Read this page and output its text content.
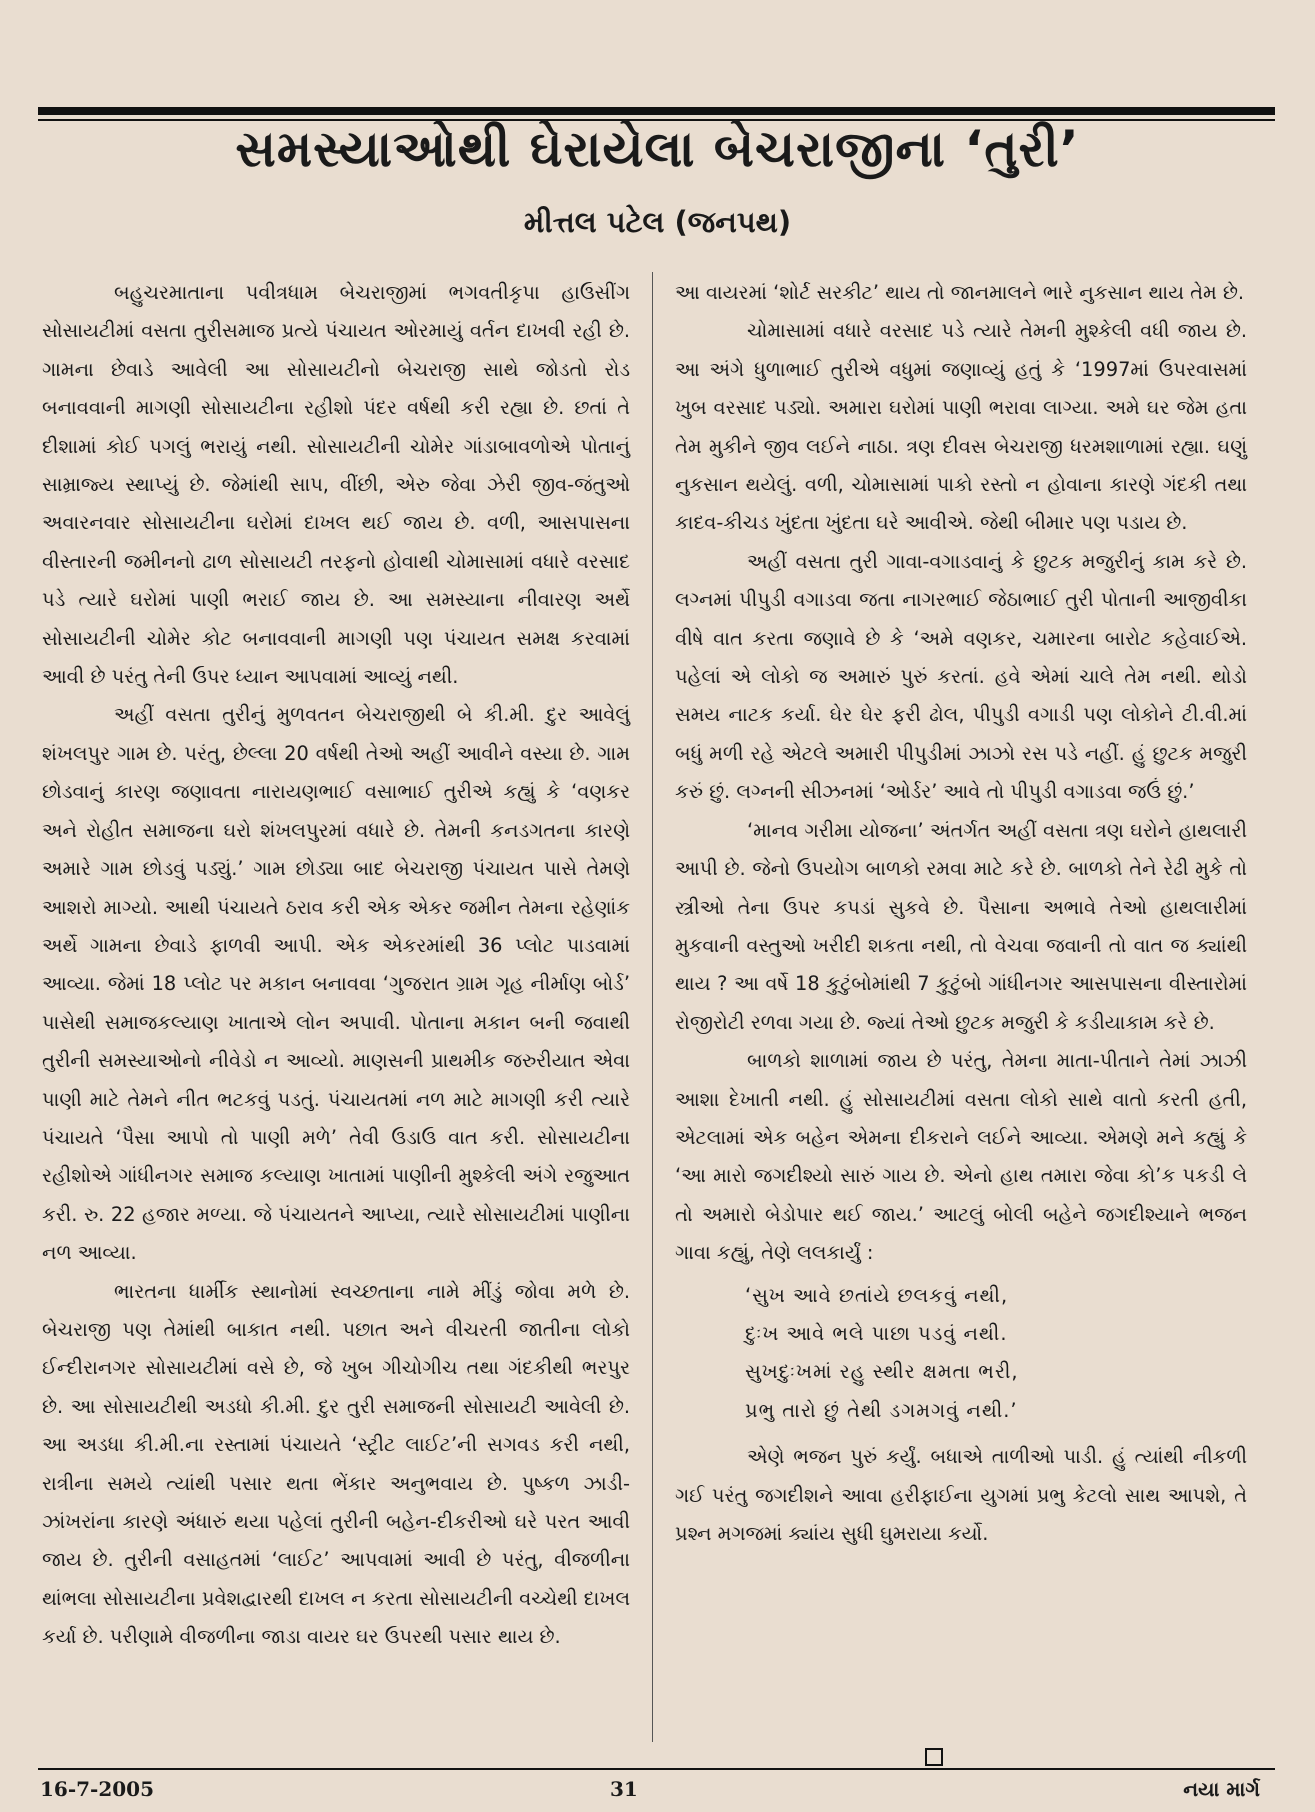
સમસ્યાઓથી ઘેરાયેલા બેચરાજીના ‘તુરી’
મીત્તલ પટેલ (જનપથ)

બહુચરમાતાના પવીત્રધામ બેચરાજીમાં ભગવતીકૃપા હાઉસીંગ સોસાયટીમાં વસતા તુરીસમાજ પ્રત્યે પંચાયત ઓરમાયું વર્તન દાખવી રહી છે. ગામના છેવાડે આવેલી આ સોસાયટીનો બેચરાજી સાથે જોડતો રોડ બનાવવાની માગણી સોસાયટીના રહીશો પંદર વર્ષથી કરી રહ્યા છે. છતાં તે દીશામાં કોઈ પગલું ભરાયું નથી. સોસાયટીની ચોમેર ગાંડાબાવળોએ પોતાનું સામ્રાજ્ય સ્થાપ્યું છે. જેમાંથી સાપ, વીંછી, એરુ જેવા ઝેરી જીવ-જંતુઓ અવારનવાર સોસાયટીના ઘરોમાં દાખલ થઈ જાય છે. વળી, આસપાસના વીસ્તારની જમીનનો ઢાળ સોસાયટી તરફનો હોવાથી ચોમાસામાં વધારે વરસાદ પડે ત્યારે ઘરોમાં પાણી ભરાઈ જાય છે. આ સમસ્યાના નીવારણ અર્થે સોસાયટીની ચોમેર કોટ બનાવવાની માગણી પણ પંચાયત સમક્ષ કરવામાં આવી છે પરંતુ તેની ઉપર ધ્યાન આપવામાં આવ્યું નથી.

અહીં વસતા તુરીનું મુળવતન બેચરાજીથી બે કી.મી. દુર આવેલું શંખલપુર ગામ છે. પરંતુ, છેલ્લા 20 વર્ષથી તેઓ અહીં આવીને વસ્યા છે. ગામ છોડવાનું કારણ જણાવતા નારાયણભાઈ વસાભાઈ તુરીએ કહ્યું કે ‘વણકર અને રોહીત સમાજના ઘરો શંખલપુરમાં વધારે છે. તેમની કનડગતના કારણે અમારે ગામ છોડવું પડ્યું.’ ગામ છોડ્યા બાદ બેચરાજી પંચાયત પાસે તેમણે આશરો માગ્યો. આથી પંચાયતે ઠરાવ કરી એક એકર જમીન તેમના રહેણાંક અર્થે ગામના છેવાડે ફાળવી આપી. એક એકરમાંથી 36 પ્લોટ પાડવામાં આવ્યા. જેમાં 18 પ્લોટ પર મકાન બનાવવા ‘ગુજરાત ગ્રામ ગૃહ નીર્માણ બોર્ડ’ પાસેથી સમાજકલ્યાણ ખાતાએ લોન અપાવી. પોતાના મકાન બની જવાથી તુરીની સમસ્યાઓનો નીવેડો ન આવ્યો. માણસની પ્રાથમીક જરુરીયાત એવા પાણી માટે તેમને નીત ભટકવું પડતું. પંચાયતમાં નળ માટે માગણી કરી ત્યારે પંચાયતે ‘પૈસા આપો તો પાણી મળે’ તેવી ઉડાઉ વાત કરી. સોસાયટીના રહીશોએ ગાંધીનગર સમાજ કલ્યાણ ખાતામાં પાણીની મુશ્કેલી અંગે રજુઆત કરી. રુ. 22 હજાર મળ્યા. જે પંચાયતને આપ્યા, ત્યારે સોસાયટીમાં પાણીના નળ આવ્યા.

ભારતના ધાર્મીક સ્થાનોમાં સ્વચ્છતાના નામે મીંડું જોવા મળે છે. બેચરાજી પણ તેમાંથી બાકાત નથી. પછાત અને વીચરતી જાતીના લોકો ઈન્દીરાનગર સોસાયટીમાં વસે છે, જે ખુબ ગીચોગીચ તથા ગંદકીથી ભરપુર છે. આ સોસાયટીથી અડધો કી.મી. દુર તુરી સમાજની સોસાયટી આવેલી છે. આ અડધા કી.મી.ના રસ્તામાં પંચાયતે ‘સ્ટ્રીટ લાઈટ’ની સગવડ કરી નથી, રાત્રીના સમયે ત્યાંથી પસાર થતા ભેંકાર અનુભવાય છે. પુષ્કળ ઝાડી-ઝાંખરાંના કારણે અંધારું થયા પહેલાં તુરીની બહેન-દીકરીઓ ઘરે પરત આવી જાય છે. તુરીની વસાહતમાં ‘લાઈટ’ આપવામાં આવી છે પરંતુ, વીજળીના થાંભલા સોસાયટીના પ્રવેશદ્વારથી દાખલ ન કરતા સોસાયટીની વચ્ચેથી દાખલ કર્યા છે. પરીણામે વીજળીના જાડા વાયર ઘર ઉપરથી પસાર થાય છે.

આ વાયરમાં ‘શોર્ટ સરકીટ’ થાય તો જાનમાલને ભારે નુકસાન થાય તેમ છે.

ચોમાસામાં વધારે વરસાદ પડે ત્યારે તેમની મુશ્કેલી વધી જાય છે. આ અંગે ધુળાભાઈ તુરીએ વધુમાં જણાવ્યું હતું કે ‘1997માં ઉપરવાસમાં ખુબ વરસાદ પડ્યો. અમારા ઘરોમાં પાણી ભરાવા લાગ્યા. અમે ઘર જેમ હતા તેમ મુકીને જીવ લઈને નાઠા. ત્રણ દીવસ બેચરાજી ધરમશાળામાં રહ્યા. ઘણું નુકસાન થયેલું. વળી, ચોમાસામાં પાકો રસ્તો ન હોવાના કારણે ગંદકી તથા કાદવ-કીચડ ખુંદતા ખુંદતા ઘરે આવીએ. જેથી બીમાર પણ પડાય છે.

અહીં વસતા તુરી ગાવા-વગાડવાનું કે છુટક મજુરીનું કામ કરે છે. લગ્નમાં પીપુડી વગાડવા જતા નાગરભાઈ જેઠાભાઈ તુરી પોતાની આજીવીકા વીષે વાત કરતા જણાવે છે કે ‘અમે વણકર, ચમારના બારોટ કહેવાઈએ. પહેલાં એ લોકો જ અમારું પુરું કરતાં. હવે એમાં ચાલે તેમ નથી. થોડો સમય નાટક કર્યા. ઘેર ઘેર ફરી ઢોલ, પીપુડી વગાડી પણ લોકોને ટી.વી.માં બધું મળી રહે એટલે અમારી પીપુડીમાં ઝાઝો રસ પડે નહીં. હું છુટક મજુરી કરું છું. લગ્નની સીઝનમાં ‘ઓર્ડર’ આવે તો પીપુડી વગાડવા જઉં છું.’

‘માનવ ગરીમા યોજના’ અંતર્ગત અહીં વસતા ત્રણ ઘરોને હાથલારી આપી છે. જેનો ઉપયોગ બાળકો રમવા માટે કરે છે. બાળકો તેને રેઢી મુકે તો સ્ત્રીઓ તેના ઉપર કપડાં સુકવે છે. પૈસાના અભાવે તેઓ હાથલારીમાં મુકવાની વસ્તુઓ ખરીદી શકતા નથી, તો વેચવા જવાની તો વાત જ ક્યાંથી થાય ? આ વર્ષે 18 કુટુંબોમાંથી 7 કુટુંબો ગાંધીનગર આસપાસના વીસ્તારોમાં રોજીરોટી રળવા ગયા છે. જ્યાં તેઓ છુટક મજુરી કે કડીયાકામ કરે છે.

બાળકો શાળામાં જાય છે પરંતુ, તેમના માતા-પીતાને તેમાં ઝાઝી આશા દેખાતી નથી. હું સોસાયટીમાં વસતા લોકો સાથે વાતો કરતી હતી, એટલામાં એક બહેન એમના દીકરાને લઈને આવ્યા. એમણે મને કહ્યું કે ‘આ મારો જગદીશ્યો સારું ગાય છે. એનો હાથ તમારા જેવા કો’ક પકડી લે તો અમારો બેડોપાર થઈ જાય.’ આટલું બોલી બહેને જગદીશ્યાને ભજન ગાવા કહ્યું, તેણે લલકાર્યું :

‘સુખ આવે છતાંયે છલકવું નથી,
દુઃખ આવે ભલે પાછા પડવું નથી.
સુખદુઃખમાં રહુ સ્થીર ક્ષમતા ભરી,
પ્રભુ તારો છું તેથી ડગમગવું નથી.’

એણે ભજન પુરું કર્યું. બધાએ તાળીઓ પાડી. હું ત્યાંથી નીકળી ગઈ પરંતુ જગદીશને આવા હરીફાઈના યુગમાં પ્રભુ કેટલો સાથ આપશે, તે પ્રશ્ન મગજમાં ક્યાંય સુધી ઘુમરાયા કર્યો.

16-7-2005	31	નયા માર્ગ
